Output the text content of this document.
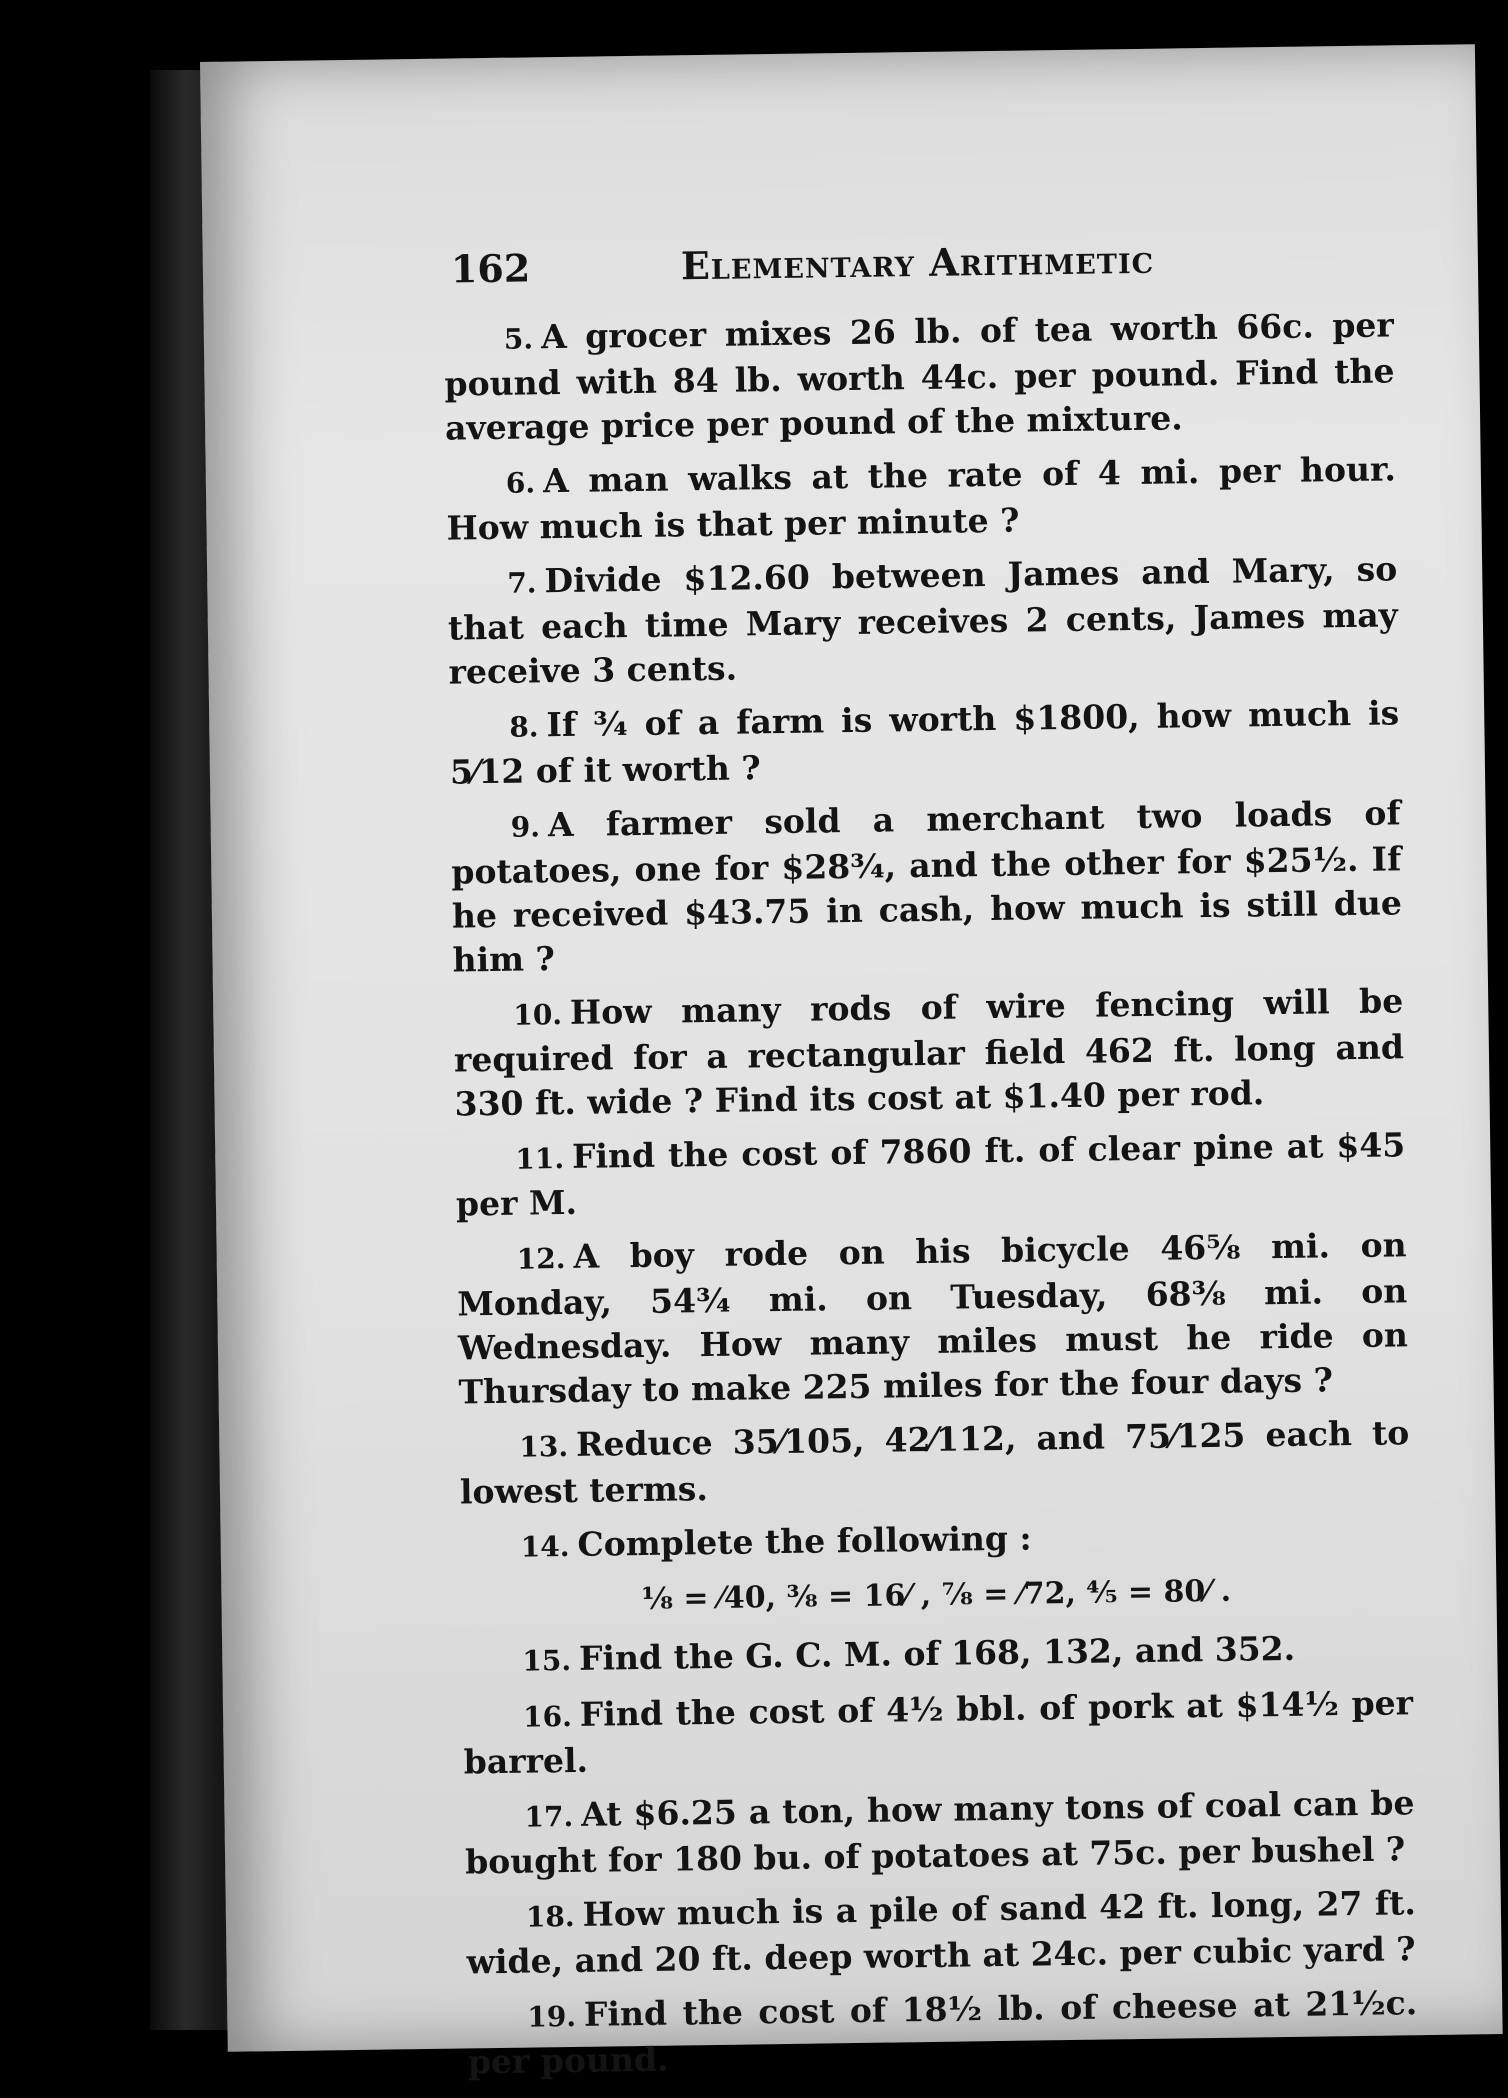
162	Elementary Arithmetic

5. A grocer mixes 26 lb. of tea worth 66c. per pound with 84 lb. worth 44c. per pound. Find the average price per pound of the mixture.

6. A man walks at the rate of 4 mi. per hour. How much is that per minute ?

7. Divide $12.60 between James and Mary, so that each time Mary receives 2 cents, James may receive 3 cents.

8. If ¾ of a farm is worth $1800, how much is 5⁄12 of it worth ?

9. A farmer sold a merchant two loads of potatoes, one for $28¾, and the other for $25½. If he received $43.75 in cash, how much is still due him ?

10. How many rods of wire fencing will be required for a rectangular field 462 ft. long and 330 ft. wide ? Find its cost at $1.40 per rod.

11. Find the cost of 7860 ft. of clear pine at $45 per M.

12. A boy rode on his bicycle 46⅝ mi. on Monday, 54¾ mi. on Tuesday, 68⅜ mi. on Wednesday. How many miles must he ride on Thursday to make 225 miles for the four days ?

13. Reduce 35⁄105, 42⁄112, and 75⁄125 each to lowest terms.

14. Complete the following :

⅛ = ⁄40, ⅜ = 16⁄ , ⅞ = ⁄72, ⅘ = 80⁄ .

15. Find the G. C. M. of 168, 132, and 352.

16. Find the cost of 4½ bbl. of pork at $14½ per barrel.

17. At $6.25 a ton, how many tons of coal can be bought for 180 bu. of potatoes at 75c. per bushel ?

18. How much is a pile of sand 42 ft. long, 27 ft. wide, and 20 ft. deep worth at 24c. per cubic yard ?

19. Find the cost of 18½ lb. of cheese at 21½c. per pound.
